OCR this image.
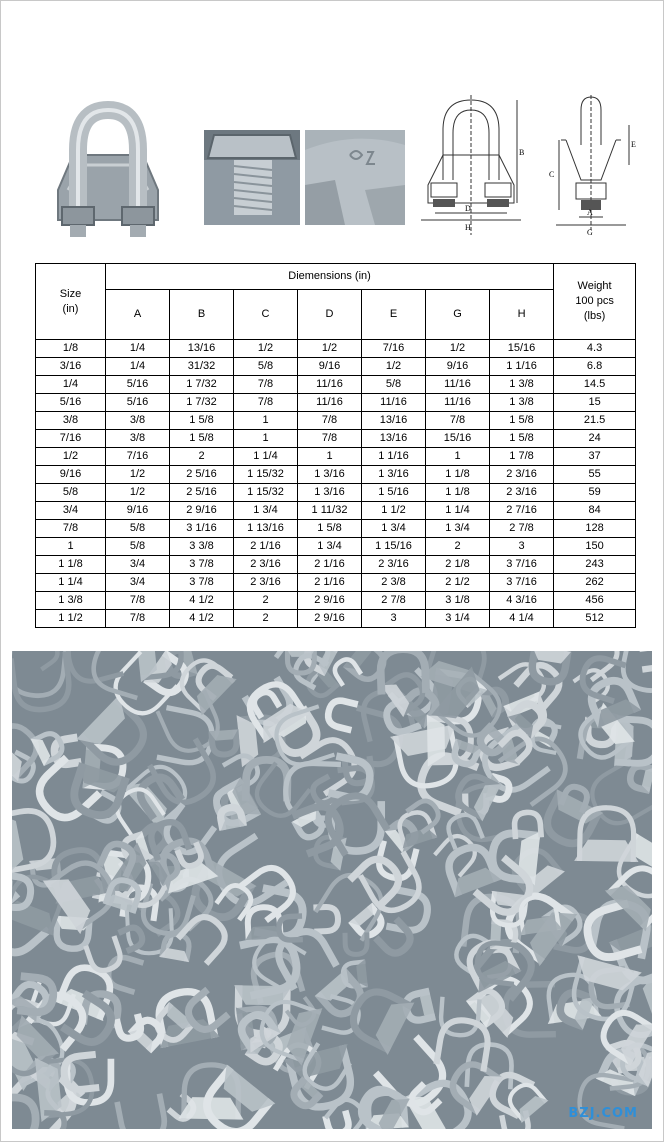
B
D
H
C
E
A
G
Size
(in)	Diemensions (in)							Weight
100 pcs
(lbs)
	A	B	C	D	E	G	H	
1/8	1/4	13/16	1/2	1/2	7/16	1/2	15/16	4.3
3/16	1/4	31/32	5/8	9/16	1/2	9/16	1 1/16	6.8
1/4	5/16	1 7/32	7/8	11/16	5/8	11/16	1 3/8	14.5
5/16	5/16	1 7/32	7/8	11/16	11/16	11/16	1 3/8	15
3/8	3/8	1 5/8	1	7/8	13/16	7/8	1 5/8	21.5
7/16	3/8	1 5/8	1	7/8	13/16	15/16	1 5/8	24
1/2	7/16	2	1 1/4	1	1 1/16	1	1 7/8	37
9/16	1/2	2 5/16	1 15/32	1 3/16	1 3/16	1 1/8	2 3/16	55
5/8	1/2	2 5/16	1 15/32	1 3/16	1 5/16	1 1/8	2 3/16	59
3/4	9/16	2 9/16	1 3/4	1 11/32	1 1/2	1 1/4	2 7/16	84
7/8	5/8	3 1/16	1 13/16	1 5/8	1 3/4	1 3/4	2 7/8	128
1	5/8	3 3/8	2 1/16	1 3/4	1 15/16	2	3	150
1 1/8	3/4	3 7/8	2 3/16	2 1/16	2 3/16	2 1/8	3 7/16	243
1 1/4	3/4	3 7/8	2 3/16	2 1/16	2 3/8	2 1/2	3 7/16	262
1 3/8	7/8	4 1/2	2	2 9/16	2 7/8	3 1/8	4 3/16	456
1 1/2	7/8	4 1/2	2	2 9/16	3	3 1/4	4 1/4	512
BZJ.COM
